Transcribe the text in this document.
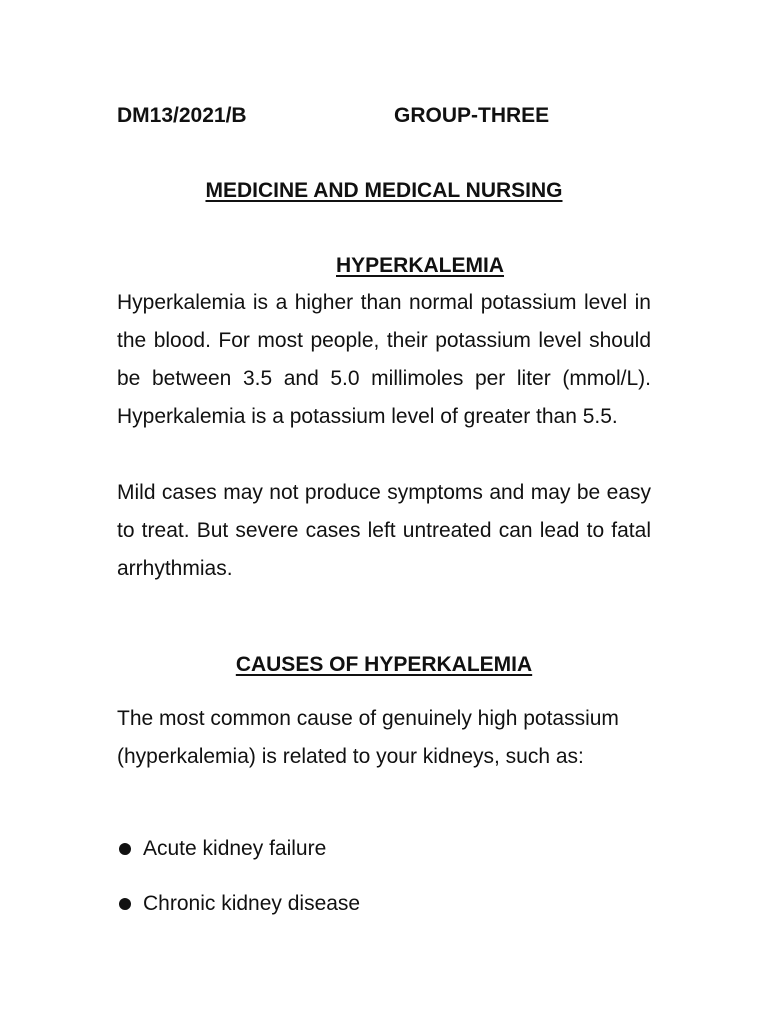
DM13/2021/B	GROUP-THREE
MEDICINE AND MEDICAL NURSING
HYPERKALEMIA

Hyperkalemia is a higher than normal potassium level in the blood. For most people, their potassium level should be between 3.5 and 5.0 millimoles per liter (mmol/L). Hyperkalemia is a potassium level of greater than 5.5.

Mild cases may not produce symptoms and may be easy to treat. But severe cases left untreated can lead to fatal arrhythmias.

CAUSES OF HYPERKALEMIA

The most common cause of genuinely high potassium (hyperkalemia) is related to your kidneys, such as:

Acute kidney failure
Chronic kidney disease
